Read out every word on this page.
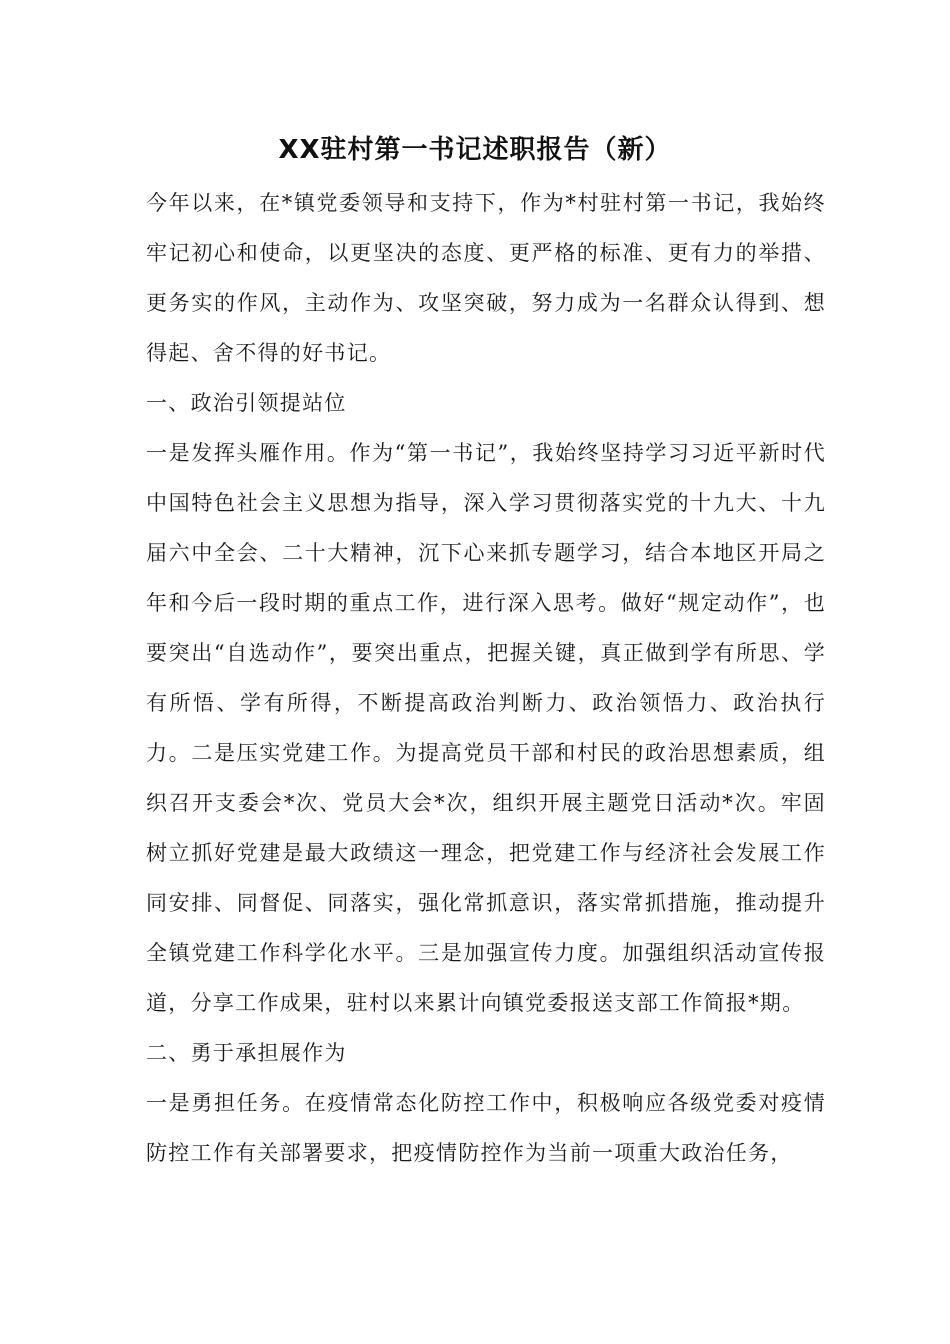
XX驻村第一书记述职报告（新）

今年以来，在*镇党委领导和支持下，作为*村驻村第一书记，我始终牢记初心和使命，以更坚决的态度、更严格的标准、更有力的举措、更务实的作风，主动作为、攻坚突破，努力成为一名群众认得到、想得起、舍不得的好书记。

一、政治引领提站位

一是发挥头雁作用。作为“第一书记”，我始终坚持学习习近平新时代中国特色社会主义思想为指导，深入学习贯彻落实党的十九大、十九届六中全会、二十大精神，沉下心来抓专题学习，结合本地区开局之年和今后一段时期的重点工作，进行深入思考。做好“规定动作”，也要突出“自选动作”，要突出重点，把握关键，真正做到学有所思、学有所悟、学有所得，不断提高政治判断力、政治领悟力、政治执行力。二是压实党建工作。为提高党员干部和村民的政治思想素质，组织召开支委会*次、党员大会*次，组织开展主题党日活动*次。牢固树立抓好党建是最大政绩这一理念，把党建工作与经济社会发展工作同安排、同督促、同落实，强化常抓意识，落实常抓措施，推动提升全镇党建工作科学化水平。三是加强宣传力度。加强组织活动宣传报道，分享工作成果，驻村以来累计向镇党委报送支部工作简报*期。

二、勇于承担展作为

一是勇担任务。在疫情常态化防控工作中，积极响应各级党委对疫情防控工作有关部署要求，把疫情防控作为当前一项重大政治任务，
